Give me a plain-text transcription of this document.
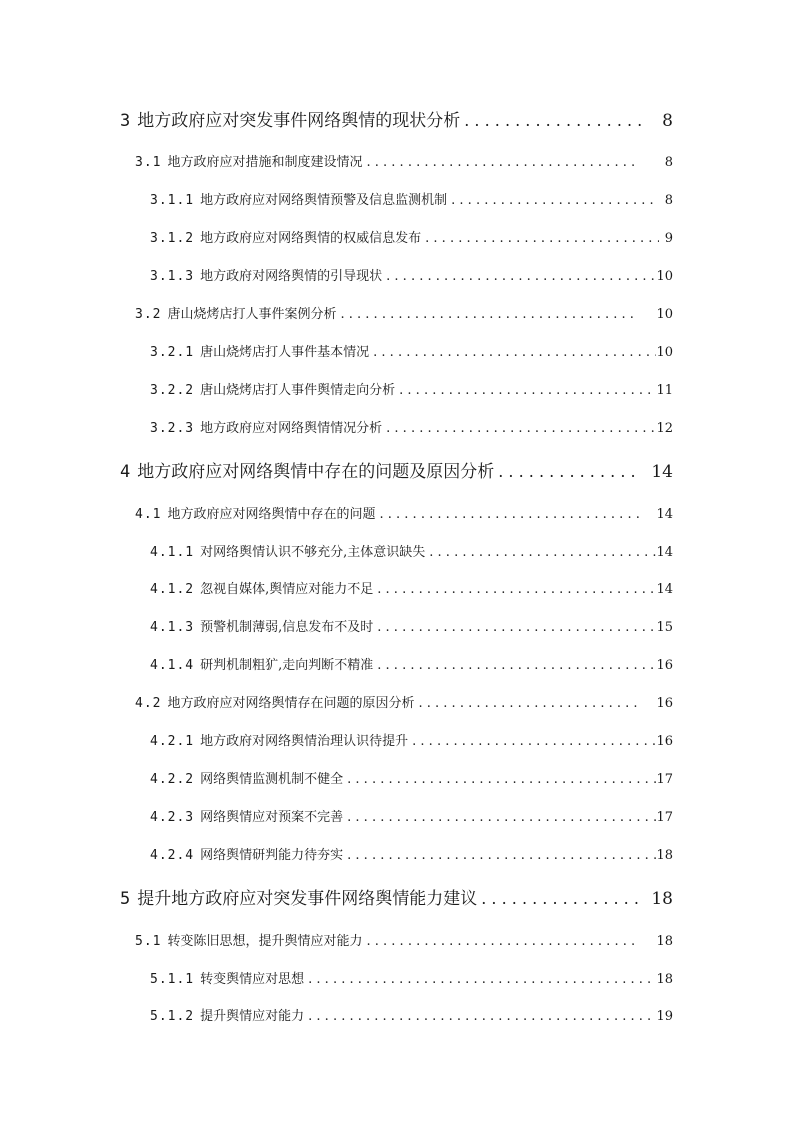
3 地方政府应对突发事件网络舆情的现状分析 . . .	8
3.1 地方政府应对措施和制度建设情况 . . .	8
3.1.1 地方政府应对网络舆情预警及信息监测机制 . . .	8
3.1.2 地方政府应对网络舆情的权威信息发布 . . .	9
3.1.3 地方政府对网络舆情的引导现状 . . .	10
3.2 唐山烧烤店打人事件案例分析 . . .	10
3.2.1 唐山烧烤店打人事件基本情况 . . .	10
3.2.2 唐山烧烤店打人事件舆情走向分析 . . .	11
3.2.3 地方政府应对网络舆情情况分析 . . .	12
4 地方政府应对网络舆情中存在的问题及原因分析 . . .	14
4.1 地方政府应对网络舆情中存在的问题 . . .	14
4.1.1 对网络舆情认识不够充分,主体意识缺失 . . .	14
4.1.2 忽视自媒体,舆情应对能力不足 . . .	14
4.1.3 预警机制薄弱,信息发布不及时 . . .	15
4.1.4 研判机制粗犷,走向判断不精准 . . .	16
4.2 地方政府应对网络舆情存在问题的原因分析 . . .	16
4.2.1 地方政府对网络舆情治理认识待提升 . . .	16
4.2.2 网络舆情监测机制不健全 . . .	17
4.2.3 网络舆情应对预案不完善 . . .	17
4.2.4 网络舆情研判能力待夯实 . . .	18
5 提升地方政府应对突发事件网络舆情能力建议 . . .	18
5.1 转变陈旧思想，提升舆情应对能力 . . .	18
5.1.1 转变舆情应对思想 . . .	18
5.1.2 提升舆情应对能力 . . .	19
